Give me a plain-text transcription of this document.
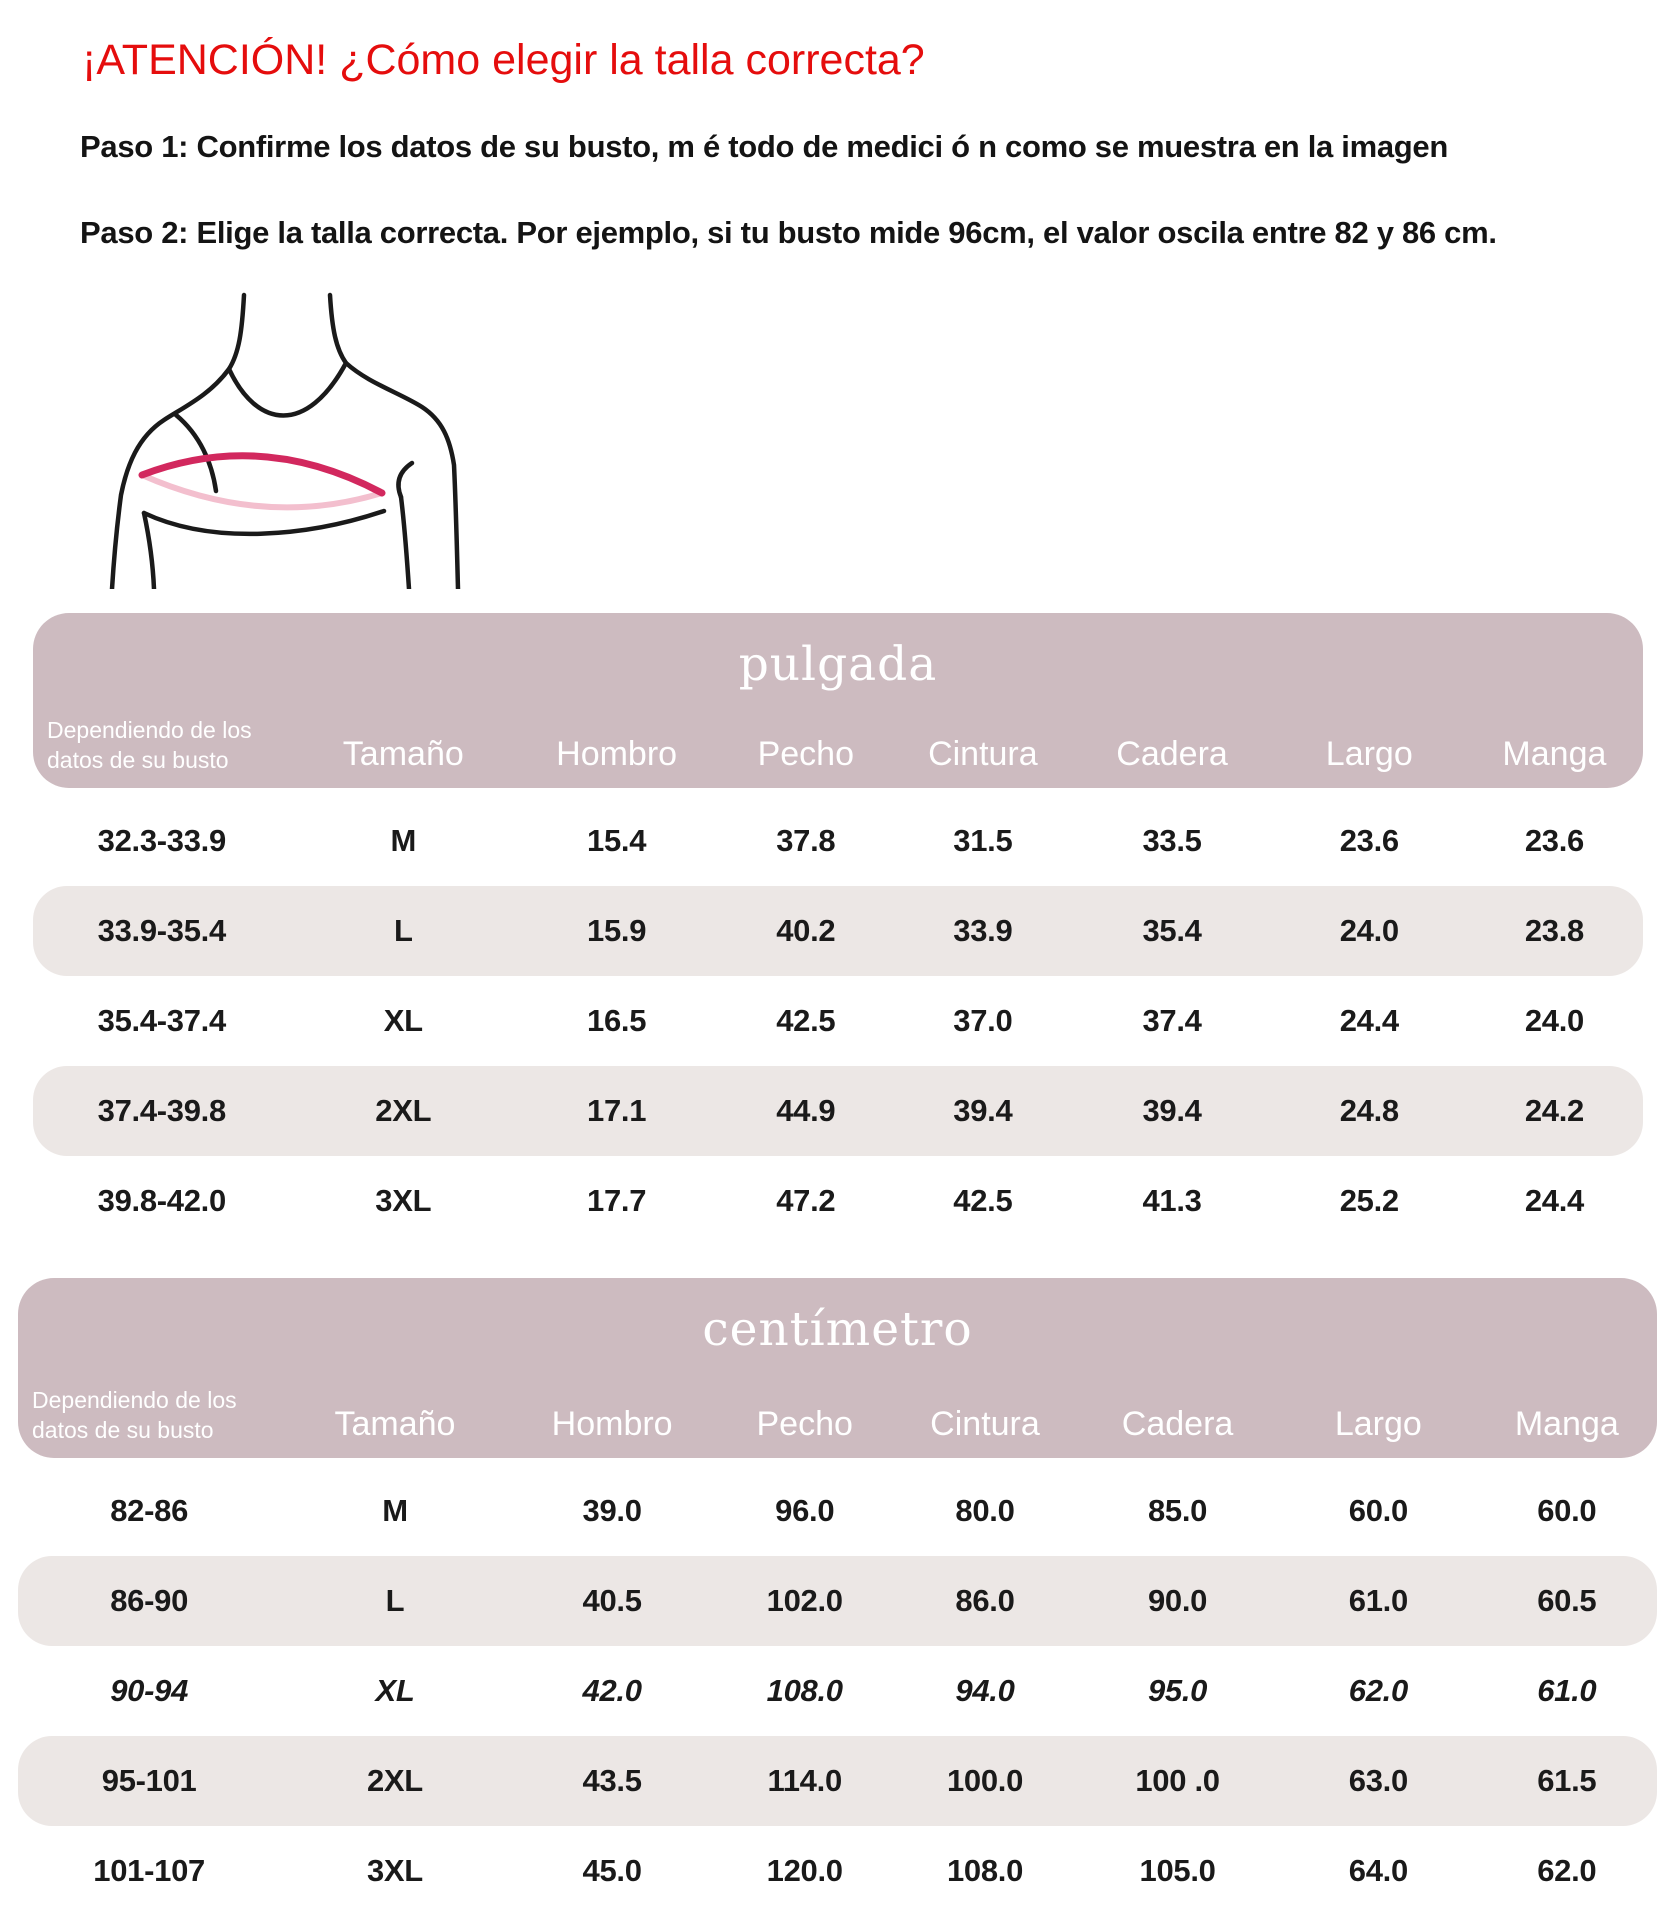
¡ATENCIÓN! ¿Cómo elegir la talla correcta?

Paso 1: Confirme los datos de su busto, m é todo de medici ó n como se muestra en la imagen

Paso 2: Elige la talla correcta. Por ejemplo, si tu busto mide 96cm, el valor oscila entre 82 y 86 cm.

pulgada
Dependiendo de los
datos de su busto	Tamaño	Hombro	Pecho	Cintura	Cadera	Largo	Manga
32.3-33.9	M	15.4	37.8	31.5	33.5	23.6	23.6
33.9-35.4	L	15.9	40.2	33.9	35.4	24.0	23.8
35.4-37.4	XL	16.5	42.5	37.0	37.4	24.4	24.0
37.4-39.8	2XL	17.1	44.9	39.4	39.4	24.8	24.2
39.8-42.0	3XL	17.7	47.2	42.5	41.3	25.2	24.4
centímetro
Dependiendo de los
datos de su busto	Tamaño	Hombro	Pecho	Cintura	Cadera	Largo	Manga
82-86	M	39.0	96.0	80.0	85.0	60.0	60.0
86-90	L	40.5	102.0	86.0	90.0	61.0	60.5
90-94	XL	42.0	108.0	94.0	95.0	62.0	61.0
95-101	2XL	43.5	114.0	100.0	100 .0	63.0	61.5
101-107	3XL	45.0	120.0	108.0	105.0	64.0	62.0
